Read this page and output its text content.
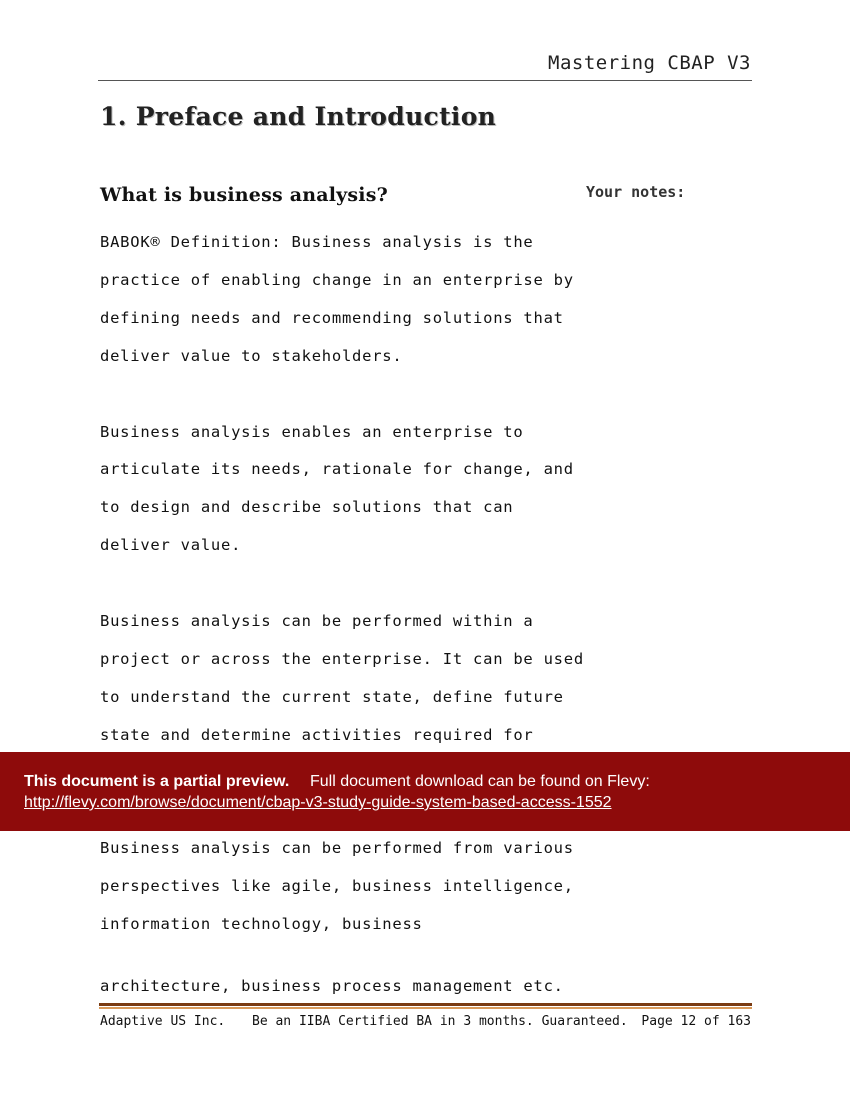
Mastering CBAP V3
1. Preface and Introduction
What is business analysis?	Your notes:

BABOK® Definition: Business analysis is the

practice of enabling change in an enterprise by

defining needs and recommending solutions that

deliver value to stakeholders.

Business analysis enables an enterprise to

articulate its needs, rationale for change, and

to design and describe solutions that can

deliver value.

Business analysis can be performed within a

project or across the enterprise. It can be used

to understand the current state, define future

state and determine activities required for

Business analysis can be performed from various

perspectives like agile, business intelligence,

information technology, business

architecture, business process management etc.

This document is a partial preview. Full document download can be found on Flevy:
http://flevy.com/browse/document/cbap-v3-study-guide-system-based-access-1552
Adaptive US Inc. Be an IIBA Certified BA in 3 months. Guaranteed. Page 12 of 163
